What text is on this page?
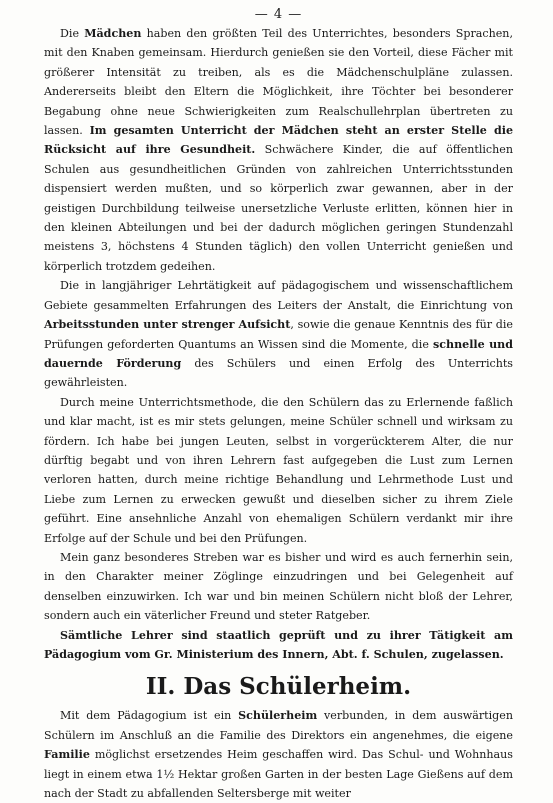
— 4 —

Die Mädchen haben den größten Teil des Unterrichtes, besonders Sprachen, mit den Knaben gemeinsam. Hierdurch genießen sie den Vorteil, diese Fächer mit größerer Intensität zu treiben, als es die Mädchenschulpläne zulassen. Andererseits bleibt den Eltern die Möglichkeit, ihre Töchter bei besonderer Begabung ohne neue Schwierigkeiten zum Realschullehrplan übertreten zu lassen. Im gesamten Unterricht der Mädchen steht an erster Stelle die Rücksicht auf ihre Gesundheit. Schwächere Kinder, die auf öffentlichen Schulen aus gesundheitlichen Gründen von zahlreichen Unterrichtsstunden dispensiert werden mußten, und so körperlich zwar gewannen, aber in der geistigen Durchbildung teilweise unersetzliche Verluste erlitten, können hier in den kleinen Abteilungen und bei der dadurch möglichen geringen Stundenzahl meistens 3, höchstens 4 Stunden täglich) den vollen Unterricht genießen und körperlich trotzdem gedeihen.

Die in langjähriger Lehrtätigkeit auf pädagogischem und wissenschaftlichem Gebiete gesammelten Erfahrungen des Leiters der Anstalt, die Einrichtung von Arbeitsstunden unter strenger Aufsicht, sowie die genaue Kenntnis des für die Prüfungen geforderten Quantums an Wissen sind die Momente, die schnelle und dauernde Förderung des Schülers und einen Erfolg des Unterrichts gewährleisten.

Durch meine Unterrichtsmethode, die den Schülern das zu Erlernende faßlich und klar macht, ist es mir stets gelungen, meine Schüler schnell und wirksam zu fördern. Ich habe bei jungen Leuten, selbst in vorgerückterem Alter, die nur dürftig begabt und von ihren Lehrern fast aufgegeben die Lust zum Lernen verloren hatten, durch meine richtige Behandlung und Lehrmethode Lust und Liebe zum Lernen zu erwecken gewußt und dieselben sicher zu ihrem Ziele geführt. Eine ansehnliche Anzahl von ehemaligen Schülern verdankt mir ihre Erfolge auf der Schule und bei den Prüfungen.

Mein ganz besonderes Streben war es bisher und wird es auch fernerhin sein, in den Charakter meiner Zöglinge einzudringen und bei Gelegenheit auf denselben einzuwirken. Ich war und bin meinen Schülern nicht bloß der Lehrer, sondern auch ein väterlicher Freund und steter Ratgeber.

Sämtliche Lehrer sind staatlich geprüft und zu ihrer Tätigkeit am Pädagogium vom Gr. Ministerium des Innern, Abt. f. Schulen, zugelassen.

II. Das Schülerheim.

Mit dem Pädagogium ist ein Schülerheim verbunden, in dem auswärtigen Schülern im Anschluß an die Familie des Direktors ein angenehmes, die eigene Familie möglichst ersetzendes Heim geschaffen wird. Das Schul- und Wohnhaus liegt in einem etwa 1½ Hektar großen Garten in der besten Lage Gießens auf dem nach der Stadt zu abfallenden Seltersberge mit weiter
